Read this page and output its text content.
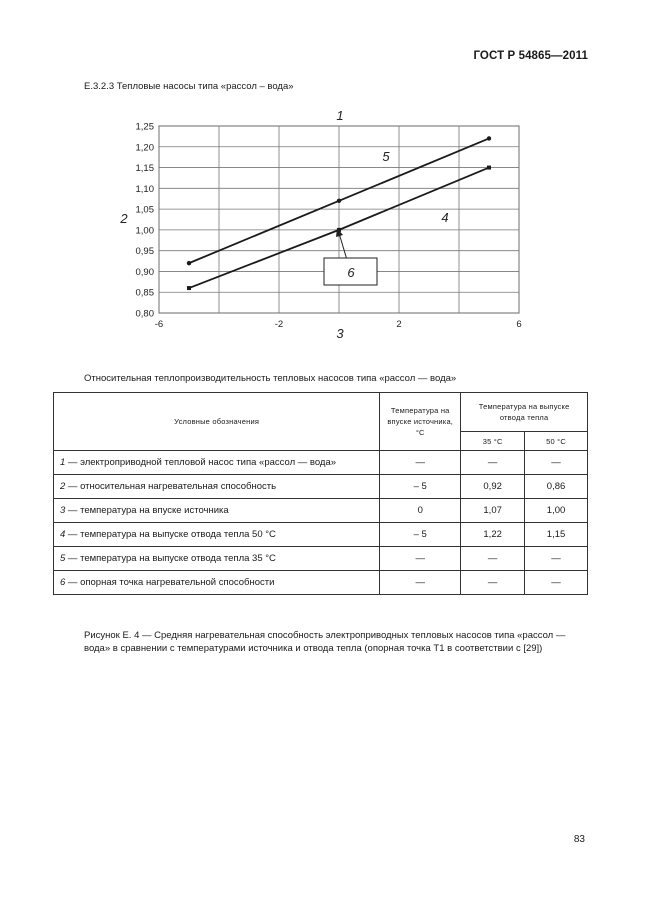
ГОСТ Р 54865—2011
Е.3.2.3 Тепловые насосы типа «рассол – вода»
1,25
1,20
1,15
1,10
1,05
1,00
0,95
0,90
0,85
0,80
-6	-2	2	6
6
1
2
3
5
4
Относительная теплопроизводительность тепловых насосов типа «рассол — вода»
Условные обозначения	Температура на впуске источника, °С	Температура на выпуске отвода тепла	
		35 °С	50 °С
1 — электроприводной тепловой насос типа «рассол — вода»	—	—	—
2 — относительная нагревательная способность	– 5	0,92	0,86
3 — температура на впуске источника	0	1,07	1,00
4 — температура на выпуске отвода тепла 50 °С	– 5	1,22	1,15
5 — температура на выпуске отвода тепла 35 °С	—	—	—
6 — опорная точка нагревательной способности	—	—	—
Рисунок Е. 4 — Средняя нагревательная способность электроприводных тепловых насосов типа «рассол — вода» в сравнении с температурами источника и отвода тепла (опорная точка Т1 в соответствии с [29])
83
